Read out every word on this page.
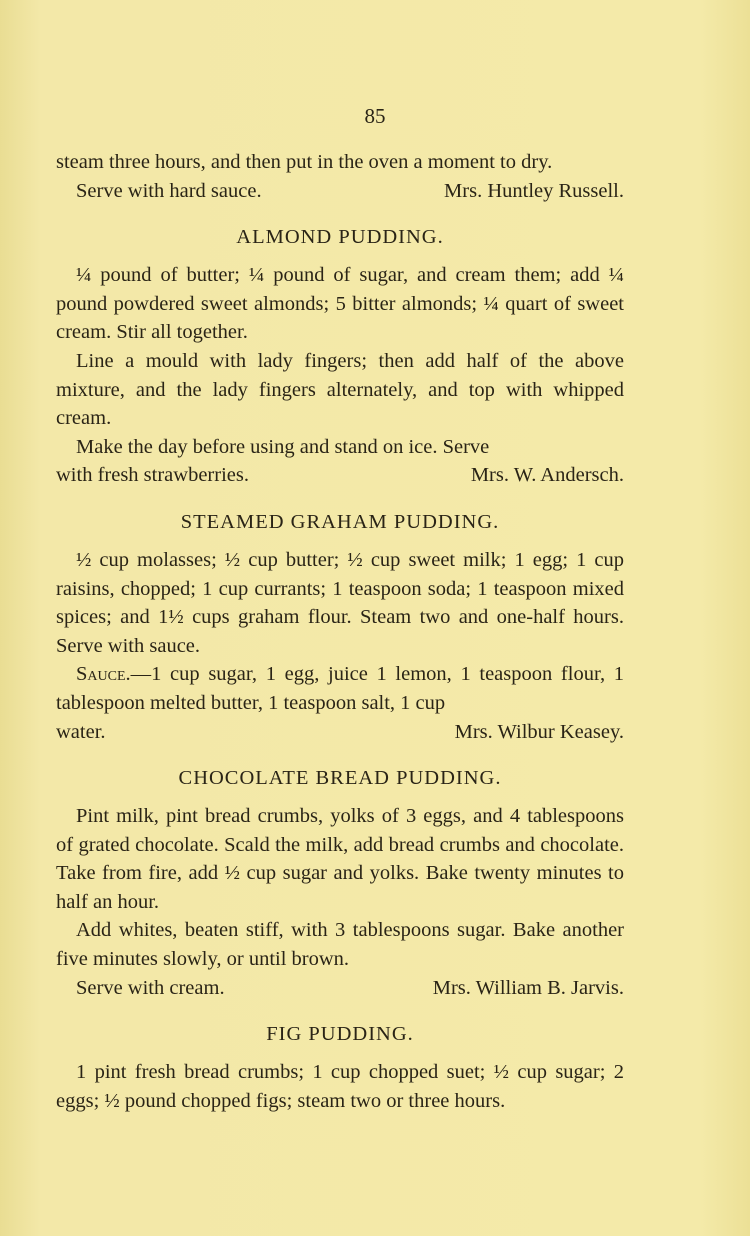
85

steam three hours, and then put in the oven a moment to dry.

Serve with hard sauce.	Mrs. Huntley Russell.
ALMOND PUDDING.

¼ pound of butter; ¼ pound of sugar, and cream them; add ¼ pound powdered sweet almonds; 5 bitter almonds; ¼ quart of sweet cream. Stir all together.

Line a mould with lady fingers; then add half of the above mixture, and the lady fingers alternately, and top with whipped cream.

Make the day before using and stand on ice. Serve

with fresh strawberries.	Mrs. W. Andersch.
STEAMED GRAHAM PUDDING.

½ cup molasses; ½ cup butter; ½ cup sweet milk; 1 egg; 1 cup raisins, chopped; 1 cup currants; 1 teaspoon soda; 1 teaspoon mixed spices; and 1½ cups graham flour. Steam two and one-half hours. Serve with sauce.

Sauce.—1 cup sugar, 1 egg, juice 1 lemon, 1 teaspoon flour, 1 tablespoon melted butter, 1 teaspoon salt, 1 cup

water.	Mrs. Wilbur Keasey.
CHOCOLATE BREAD PUDDING.

Pint milk, pint bread crumbs, yolks of 3 eggs, and 4 tablespoons of grated chocolate. Scald the milk, add bread crumbs and chocolate. Take from fire, add ½ cup sugar and yolks. Bake twenty minutes to half an hour.

Add whites, beaten stiff, with 3 tablespoons sugar. Bake another five minutes slowly, or until brown.

Serve with cream.	Mrs. William B. Jarvis.
FIG PUDDING.

1 pint fresh bread crumbs; 1 cup chopped suet; ½ cup sugar; 2 eggs; ½ pound chopped figs; steam two or three hours.
